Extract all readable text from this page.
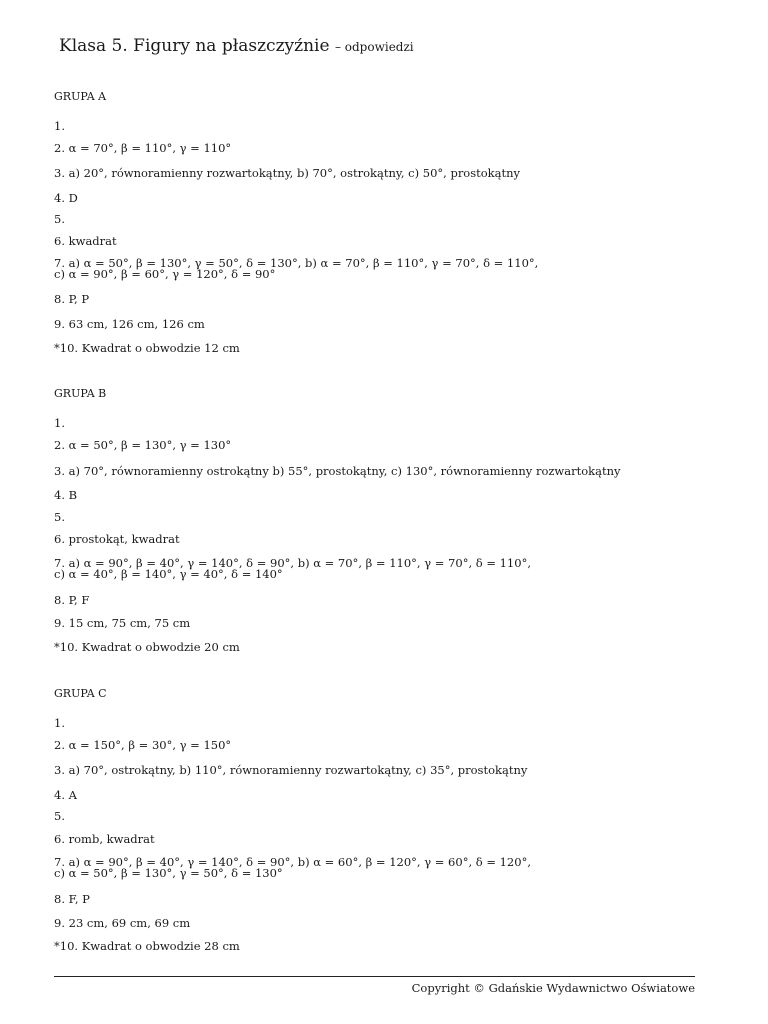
Klasa 5. Figury na płaszczyźnie – odpowiedzi
GRUPA A
1.
2. α = 70°, β = 110°, γ = 110°
3. a) 20°, równoramienny rozwartokątny, b) 70°, ostrokątny, c) 50°, prostokątny
4. D
5.
6. kwadrat
7. a) α = 50°, β = 130°, γ = 50°, δ = 130°, b) α = 70°, β = 110°, γ = 70°, δ = 110°,
c) α = 90°, β = 60°, γ = 120°, δ = 90°
8. P, P
9. 63 cm, 126 cm, 126 cm
*10. Kwadrat o obwodzie 12 cm
GRUPA B
1.
2. α = 50°, β = 130°, γ = 130°
3. a) 70°, równoramienny ostrokątny b) 55°, prostokątny, c) 130°, równoramienny rozwartokątny
4. B
5.
6. prostokąt, kwadrat
7. a) α = 90°, β = 40°, γ = 140°, δ = 90°, b) α = 70°, β = 110°, γ = 70°, δ = 110°,
c) α = 40°, β = 140°, γ = 40°, δ = 140°
8. P, F
9. 15 cm, 75 cm, 75 cm
*10. Kwadrat o obwodzie 20 cm
GRUPA C
1.
2. α = 150°, β = 30°, γ = 150°
3. a) 70°, ostrokątny, b) 110°, równoramienny rozwartokątny, c) 35°, prostokątny
4. A
5.
6. romb, kwadrat
7. a) α = 90°, β = 40°, γ = 140°, δ = 90°, b) α = 60°, β = 120°, γ = 60°, δ = 120°,
c) α = 50°, β = 130°, γ = 50°, δ = 130°
8. F, P
9. 23 cm, 69 cm, 69 cm
*10. Kwadrat o obwodzie 28 cm
Copyright © Gdańskie Wydawnictwo Oświatowe
